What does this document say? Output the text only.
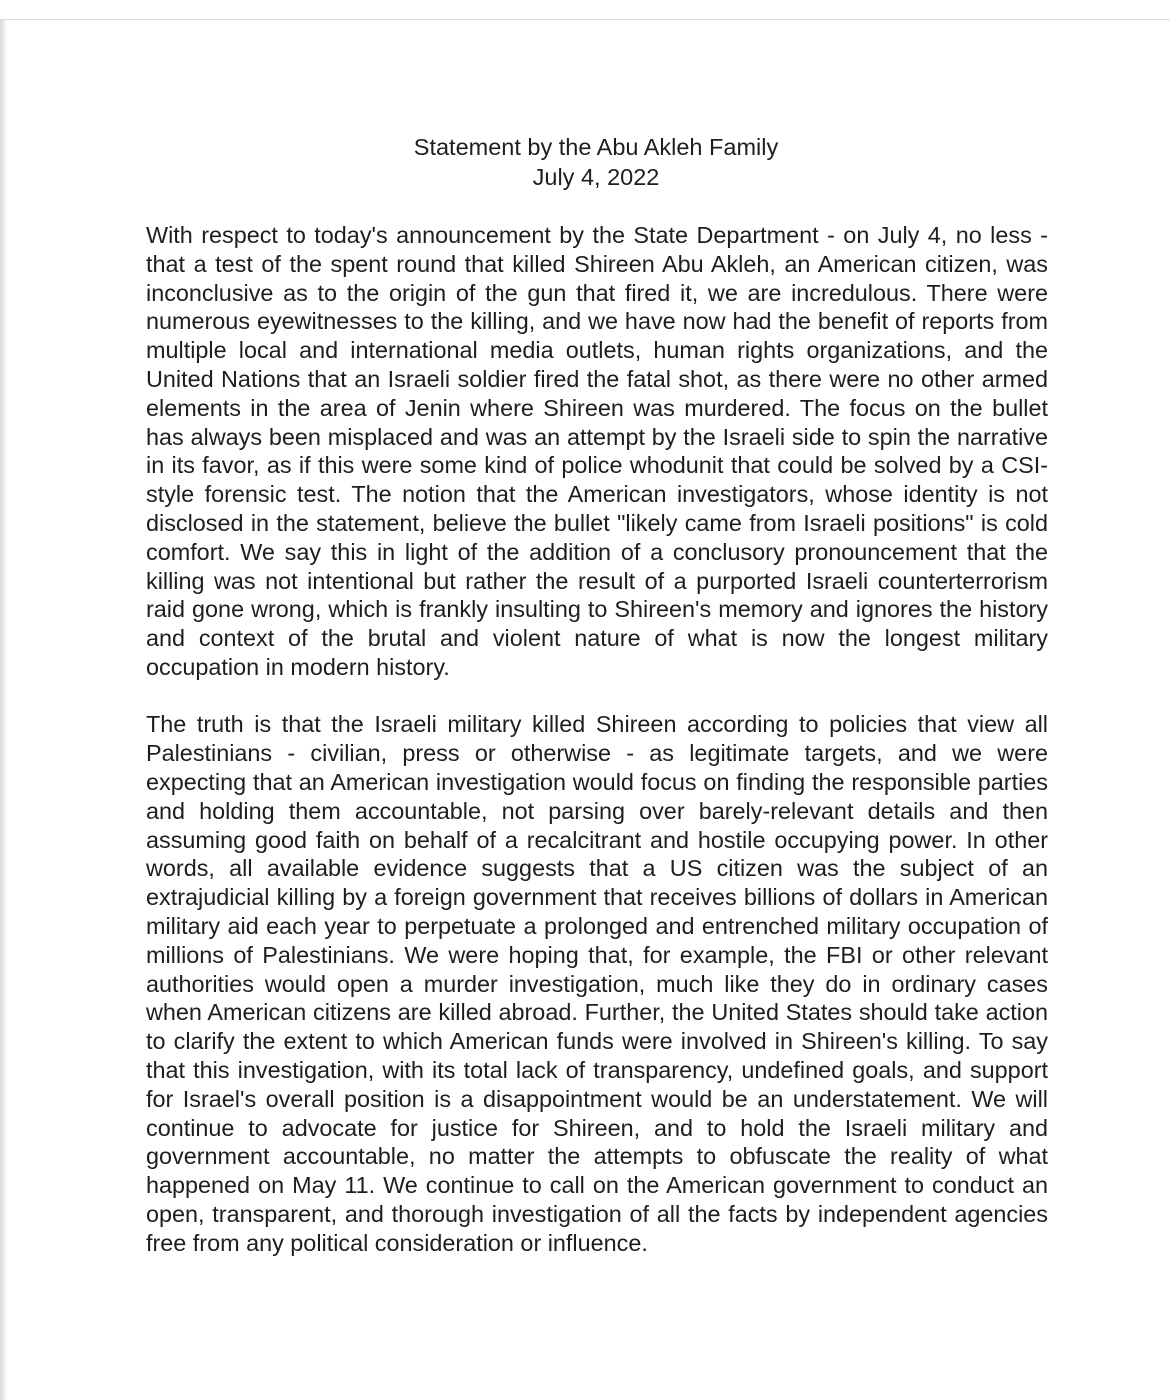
Statement by the Abu Akleh Family
July 4, 2022

With respect to today's announcement by the State Department - on July 4, no less - that a test of the spent round that killed Shireen Abu Akleh, an American citizen, was inconclusive as to the origin of the gun that fired it, we are incredulous. There were numerous eyewitnesses to the killing, and we have now had the benefit of reports from multiple local and international media outlets, human rights organizations, and the United Nations that an Israeli soldier fired the fatal shot, as there were no other armed elements in the area of Jenin where Shireen was murdered. The focus on the bullet has always been misplaced and was an attempt by the Israeli side to spin the narrative in its favor, as if this were some kind of police whodunit that could be solved by a CSI-style forensic test. The notion that the American investigators, whose identity is not disclosed in the statement, believe the bullet "likely came from Israeli positions" is cold comfort. We say this in light of the addition of a conclusory pronouncement that the killing was not intentional but rather the result of a purported Israeli counterterrorism raid gone wrong, which is frankly insulting to Shireen's memory and ignores the history and context of the brutal and violent nature of what is now the longest military occupation in modern history.

The truth is that the Israeli military killed Shireen according to policies that view all Palestinians - civilian, press or otherwise - as legitimate targets, and we were expecting that an American investigation would focus on finding the responsible parties and holding them accountable, not parsing over barely-relevant details and then assuming good faith on behalf of a recalcitrant and hostile occupying power. In other words, all available evidence suggests that a US citizen was the subject of an extrajudicial killing by a foreign government that receives billions of dollars in American military aid each year to perpetuate a prolonged and entrenched military occupation of millions of Palestinians. We were hoping that, for example, the FBI or other relevant authorities would open a murder investigation, much like they do in ordinary cases when American citizens are killed abroad. Further, the United States should take action to clarify the extent to which American funds were involved in Shireen's killing. To say that this investigation, with its total lack of transparency, undefined goals, and support for Israel's overall position is a disappointment would be an understatement. We will continue to advocate for justice for Shireen, and to hold the Israeli military and government accountable, no matter the attempts to obfuscate the reality of what happened on May 11. We continue to call on the American government to conduct an open, transparent, and thorough investigation of all the facts by independent agencies free from any political consideration or influence.
